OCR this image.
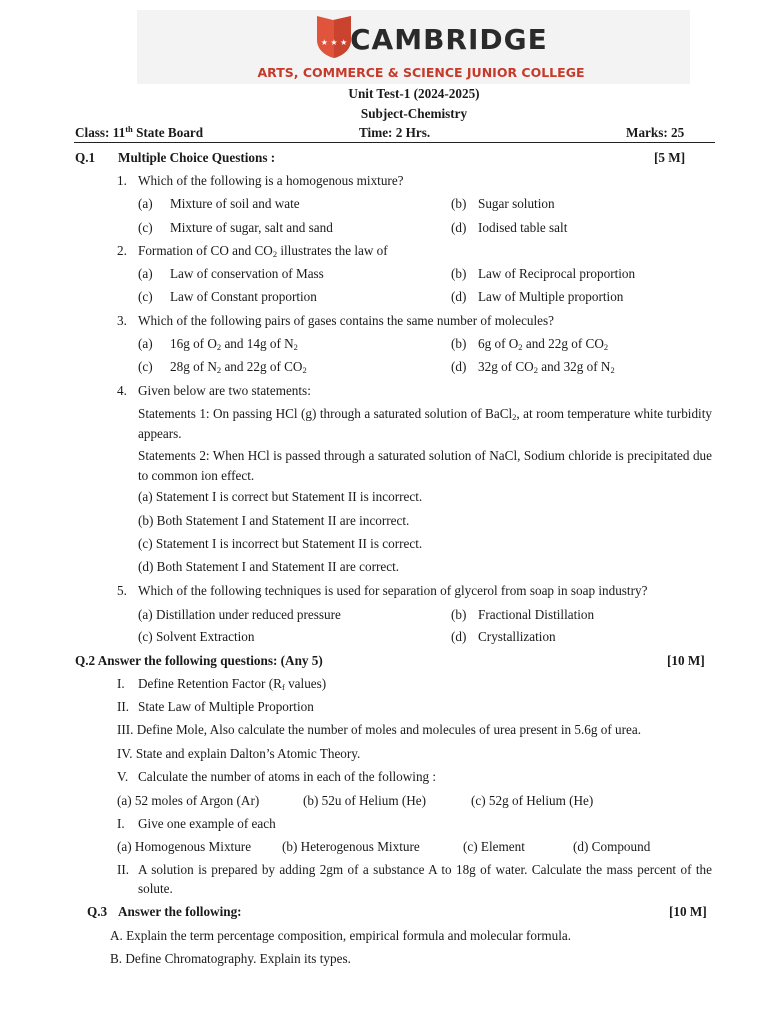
★ ★ ★ CAMBRIDGE
ARTS, COMMERCE & SCIENCE JUNIOR COLLEGE
Unit Test-1 (2024-2025)
Subject-Chemistry
Class: 11th State Board	Time: 2 Hrs.	Marks: 25
Q.1 Multiple Choice Questions :	[5 M]
1. Which of the following is a homogenous mixture?
(a) Mixture of soil and wate	(b) Sugar solution
(c) Mixture of sugar, salt and sand	(d) Iodised table salt
2. Formation of CO and $CO_2$ illustrates the law of
(a) Law of conservation of Mass	(b) Law of Reciprocal proportion
(c) Law of Constant proportion	(d) Law of Multiple proportion
3. Which of the following pairs of gases contains the same number of molecules?
(a) 16g of $O_2$ and 14g of $N_2$	(b) 6g of $O_2$ and 22g of $CO_2$
(c) 28g of $N_2$ and 22g of $CO_2$	(d) 32g of $CO_2$ and 32g of $N_2$
4. Given below are two statements:
Statements 1: On passing HCl (g) through a saturated solution of BaCl$_2$, at room temperature white turbidity appears.
Statements 2: When HCl is passed through a saturated solution of NaCl, Sodium chloride is precipitated due to common ion effect.
(a) Statement I is correct but Statement II is incorrect.
(b) Both Statement I and Statement II are incorrect.
(c) Statement I is incorrect but Statement II is correct.
(d) Both Statement I and Statement II are correct.
5. Which of the following techniques is used for separation of glycerol from soap in soap industry?
(a) Distillation under reduced pressure	(b) Fractional Distillation
(c) Solvent Extraction	(d) Crystallization
Q.2 Answer the following questions: (Any 5)	[10 M]
I. Define Retention Factor ($R_f$ values)
II. State Law of Multiple Proportion
III. Define Mole, Also calculate the number of moles and molecules of urea present in 5.6g of urea.
IV. State and explain Dalton’s Atomic Theory.
V. Calculate the number of atoms in each of the following :
(a) 52 moles of Argon (Ar)	(b) 52u of Helium (He)	(c) 52g of Helium (He)
I. Give one example of each
(a) Homogenous Mixture (b) Heterogenous Mixture	(c) Element	(d) Compound
II. A solution is prepared by adding 2gm of a substance A to 18g of water. Calculate the mass percent of the solute.
Q.3 Answer the following:	[10 M]
A. Explain the term percentage composition, empirical formula and molecular formula.
B. Define Chromatography. Explain its types.
